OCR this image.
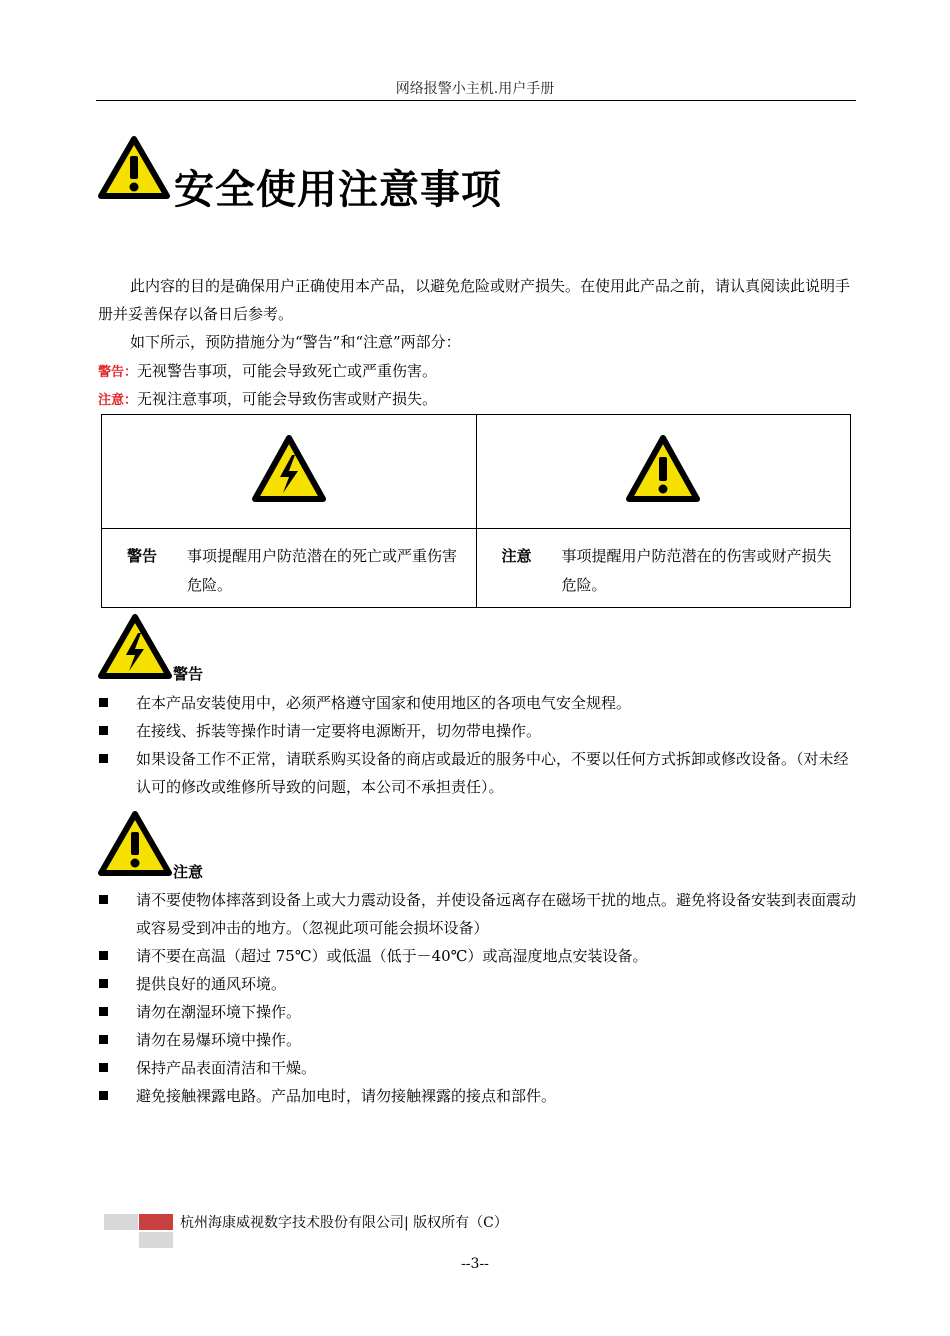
网络报警小主机.用户手册
安全使用注意事项
此内容的目的是确保用户正确使用本产品，以避免危险或财产损失。在使用此产品之前，请认真阅读此说明手册并妥善保存以备日后参考。
如下所示，预防措施分为“警告”和“注意”两部分：
警告：无视警告事项，可能会导致死亡或严重伤害。
注意：无视注意事项，可能会导致伤害或财产损失。

警告 事项提醒用户防范潜在的死亡或严重伤害危险。	注意 事项提醒用户防范潜在的伤害或财产损失危险。
警告
在本产品安装使用中，必须严格遵守国家和使用地区的各项电气安全规程。
在接线、拆装等操作时请一定要将电源断开，切勿带电操作。
如果设备工作不正常，请联系购买设备的商店或最近的服务中心，不要以任何方式拆卸或修改设备。（对未经认可的修改或维修所导致的问题，本公司不承担责任）。
注意
请不要使物体摔落到设备上或大力震动设备，并使设备远离存在磁场干扰的地点。避免将设备安装到表面震动或容易受到冲击的地方。（忽视此项可能会损坏设备）
请不要在高温（超过 75℃）或低温（低于－40℃）或高湿度地点安装设备。
提供良好的通风环境。
请勿在潮湿环境下操作。
请勿在易爆环境中操作。
保持产品表面清洁和干燥。
避免接触裸露电路。产品加电时，请勿接触裸露的接点和部件。
杭州海康威视数字技术股份有限公司| 版权所有（C）
--3--
